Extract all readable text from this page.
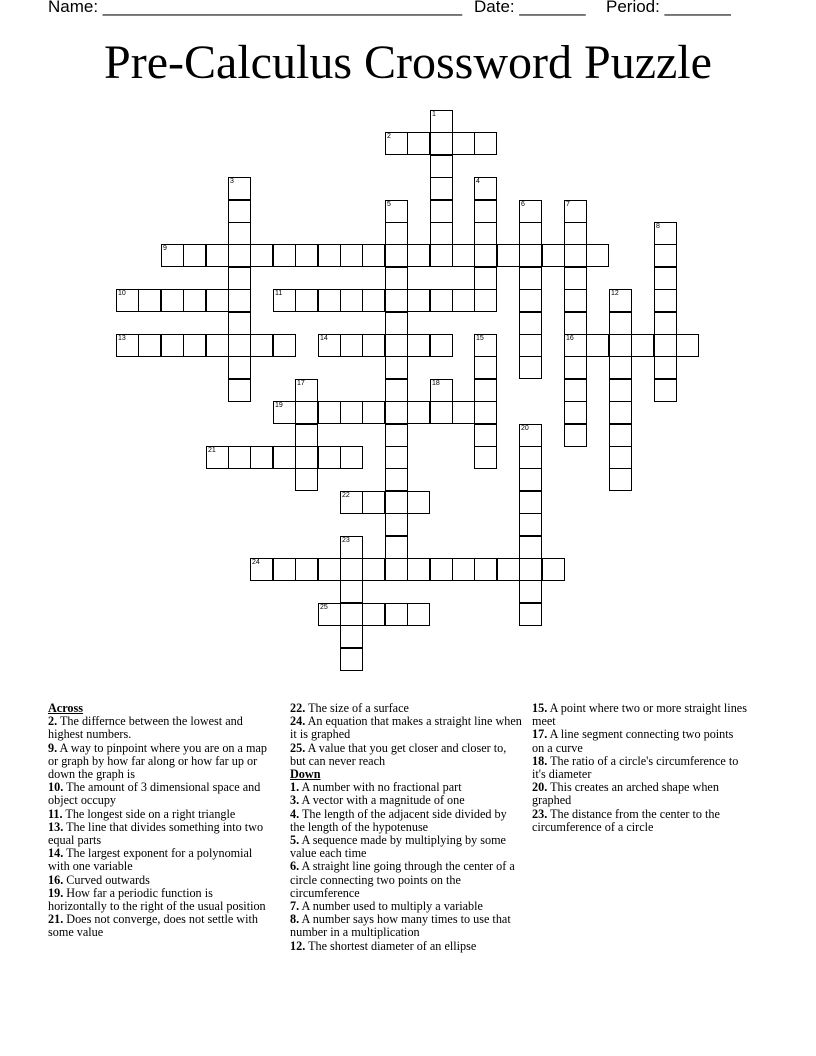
Name: ______________________________________ Date: _______ Period: _______
Pre-Calculus Crossword Puzzle
1
2
3	4
5	6	7
16
8
9
10	11	12
13	14	15
17	18
19
20
21
22
23
24
25

Across

2. The differnce between the lowest and highest numbers.

9. A way to pinpoint where you are on a map or graph by how far along or how far up or down the graph is

10. The amount of 3 dimensional space and object occupy

11. The longest side on a right triangle

13. The line that divides something into two equal parts

14. The largest exponent for a polynomial with one variable

16. Curved outwards

19. How far a periodic function is horizontally to the right of the usual position

21. Does not converge, does not settle with some value

22. The size of a surface

24. An equation that makes a straight line when it is graphed

25. A value that you get closer and closer to, but can never reach

Down

1. A number with no fractional part

3. A vector with a magnitude of one

4. The length of the adjacent side divided by the length of the hypotenuse

5. A sequence made by multiplying by some value each time

6. A straight line going through the center of a circle connecting two points on the circumference

7. A number used to multiply a variable

8. A number says how many times to use that number in a multiplication

12. The shortest diameter of an ellipse

15. A point where two or more straight lines meet

17. A line segment connecting two points on a curve

18. The ratio of a circle's circumference to it's diameter

20. This creates an arched shape when graphed

23. The distance from the center to the circumference of a circle
